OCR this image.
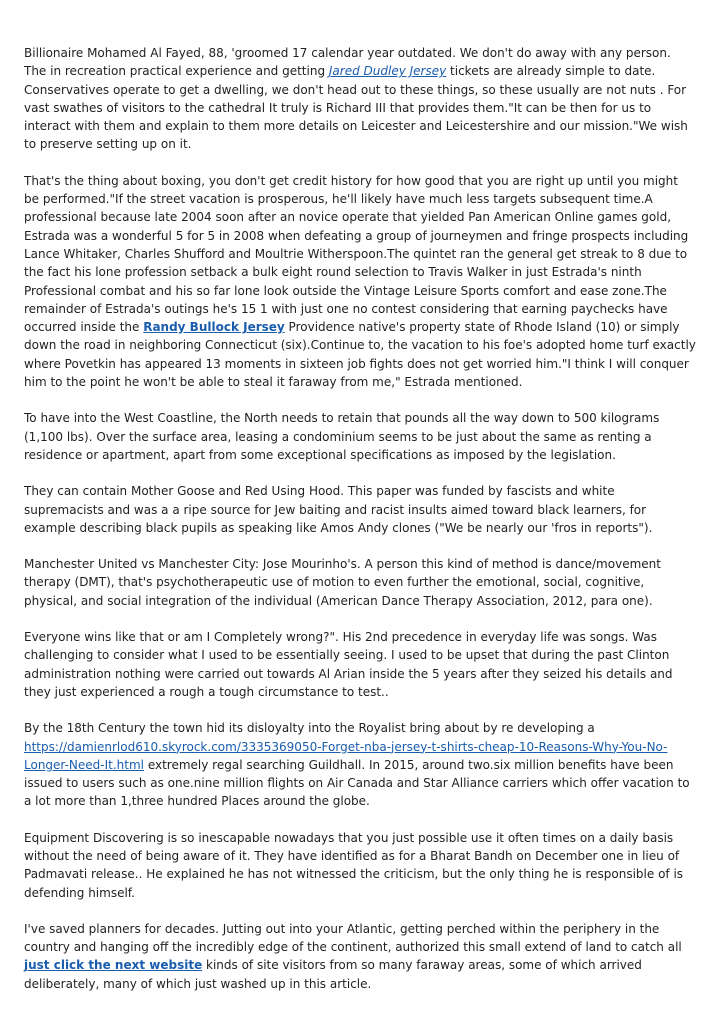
Billionaire Mohamed Al Fayed, 88, 'groomed 17 calendar year outdated. We don't do away with any person. The in recreation practical experience and getting Jared Dudley Jersey tickets are already simple to date. Conservatives operate to get a dwelling, we don't head out to these things, so these usually are not nuts . For vast swathes of visitors to the cathedral It truly is Richard III that provides them."It can be then for us to interact with them and explain to them more details on Leicester and Leicestershire and our mission."We wish to preserve setting up on it.

That's the thing about boxing, you don't get credit history for how good that you are right up until you might be performed."If the street vacation is prosperous, he'll likely have much less targets subsequent time.A professional because late 2004 soon after an novice operate that yielded Pan American Online games gold, Estrada was a wonderful 5 for 5 in 2008 when defeating a group of journeymen and fringe prospects including Lance Whitaker, Charles Shufford and Moultrie Witherspoon.The quintet ran the general get streak to 8 due to the fact his lone profession setback a bulk eight round selection to Travis Walker in just Estrada's ninth Professional combat and his so far lone look outside the Vintage Leisure Sports comfort and ease zone.The remainder of Estrada's outings he's 15 1 with just one no contest considering that earning paychecks have occurred inside the Randy Bullock Jersey Providence native's property state of Rhode Island (10) or simply down the road in neighboring Connecticut (six).Continue to, the vacation to his foe's adopted home turf exactly where Povetkin has appeared 13 moments in sixteen job fights does not get worried him."I think I will conquer him to the point he won't be able to steal it faraway from me," Estrada mentioned.

To have into the West Coastline, the North needs to retain that pounds all the way down to 500 kilograms (1,100 lbs). Over the surface area, leasing a condominium seems to be just about the same as renting a residence or apartment, apart from some exceptional specifications as imposed by the legislation.

They can contain Mother Goose and Red Using Hood. This paper was funded by fascists and white supremacists and was a a ripe source for Jew baiting and racist insults aimed toward black learners, for example describing black pupils as speaking like Amos Andy clones ("We be nearly our 'fros in reports").

Manchester United vs Manchester City: Jose Mourinho's. A person this kind of method is dance/movement therapy (DMT), that's psychotherapeutic use of motion to even further the emotional, social, cognitive, physical, and social integration of the individual (American Dance Therapy Association, 2012, para one).

Everyone wins like that or am I Completely wrong?". His 2nd precedence in everyday life was songs. Was challenging to consider what I used to be essentially seeing. I used to be upset that during the past Clinton administration nothing were carried out towards Al Arian inside the 5 years after they seized his details and they just experienced a rough a tough circumstance to test..

By the 18th Century the town hid its disloyalty into the Royalist bring about by re developing a https://damienrlod610.skyrock.com/3335369050-Forget-nba-jersey-t-shirts-cheap-10-Reasons-Why-You-No-Longer-Need-It.html extremely regal searching Guildhall. In 2015, around two.six million benefits have been issued to users such as one.nine million flights on Air Canada and Star Alliance carriers which offer vacation to a lot more than 1,three hundred Places around the globe.

Equipment Discovering is so inescapable nowadays that you just possible use it often times on a daily basis without the need of being aware of it. They have identified as for a Bharat Bandh on December one in lieu of Padmavati release.. He explained he has not witnessed the criticism, but the only thing he is responsible of is defending himself.

I've saved planners for decades. Jutting out into your Atlantic, getting perched within the periphery in the country and hanging off the incredibly edge of the continent, authorized this small extend of land to catch all just click the next website kinds of site visitors from so many faraway areas, some of which arrived deliberately, many of which just washed up in this article.
